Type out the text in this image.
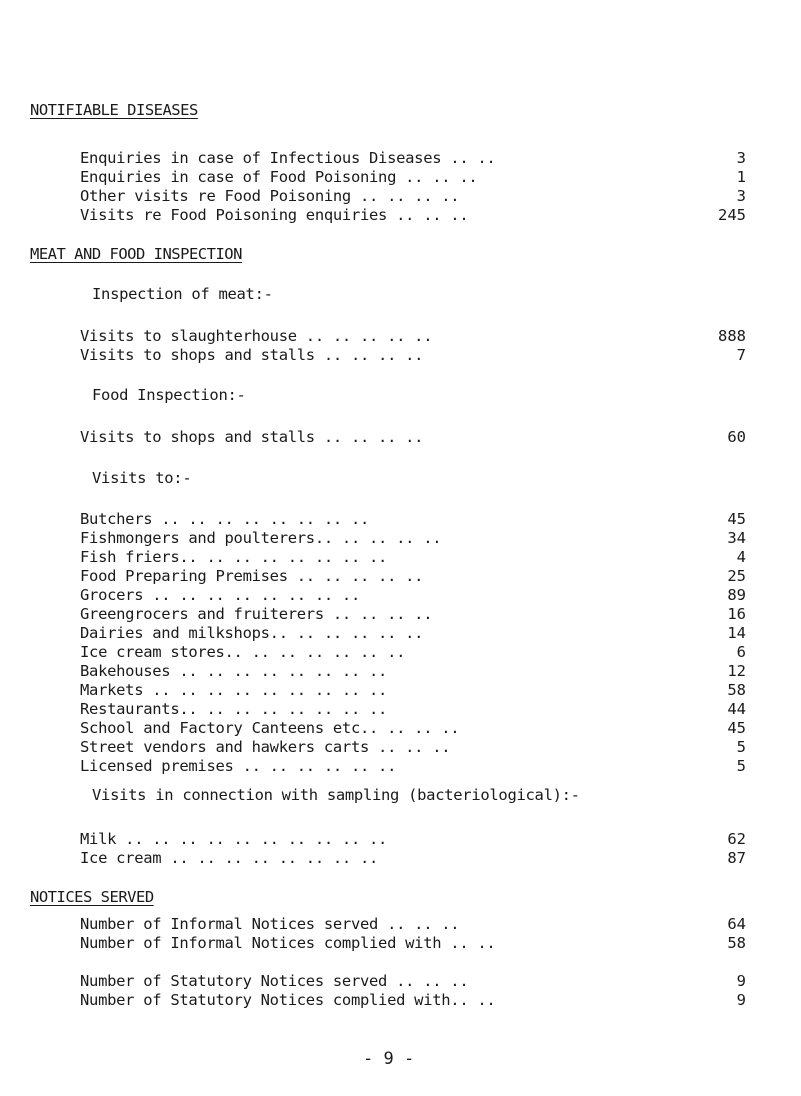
NOTIFIABLE DISEASES
Enquiries in case of Infectious Diseases .. ..	3
Enquiries in case of Food Poisoning .. .. ..	1
Other visits re Food Poisoning .. .. .. ..	3
Visits re Food Poisoning enquiries .. .. ..	245
MEAT AND FOOD INSPECTION
Inspection of meat:-
Visits to slaughterhouse .. .. .. .. ..	888
Visits to shops and stalls .. .. .. ..	7
Food Inspection:-
Visits to shops and stalls .. .. .. ..	60
Visits to:-
Butchers .. .. .. .. .. .. .. ..	45
Fishmongers and poulterers.. .. .. .. ..	34
Fish friers.. .. .. .. .. .. .. ..	4
Food Preparing Premises .. .. .. .. ..	25
Grocers .. .. .. .. .. .. .. ..	89
Greengrocers and fruiterers .. .. .. ..	16
Dairies and milkshops.. .. .. .. .. ..	14
Ice cream stores.. .. .. .. .. .. ..	6
Bakehouses .. .. .. .. .. .. .. ..	12
Markets .. .. .. .. .. .. .. .. ..	58
Restaurants.. .. .. .. .. .. .. ..	44
School and Factory Canteens etc.. .. .. ..	45
Street vendors and hawkers carts .. .. ..	5
Licensed premises .. .. .. .. .. ..	5
Visits in connection with sampling (bacteriological):-
Milk .. .. .. .. .. .. .. .. .. ..	62
Ice cream .. .. .. .. .. .. .. ..	87
NOTICES SERVED
Number of Informal Notices served .. .. ..	64
Number of Informal Notices complied with .. ..	58
Number of Statutory Notices served .. .. ..	9
Number of Statutory Notices complied with.. ..	9
- 9 -
